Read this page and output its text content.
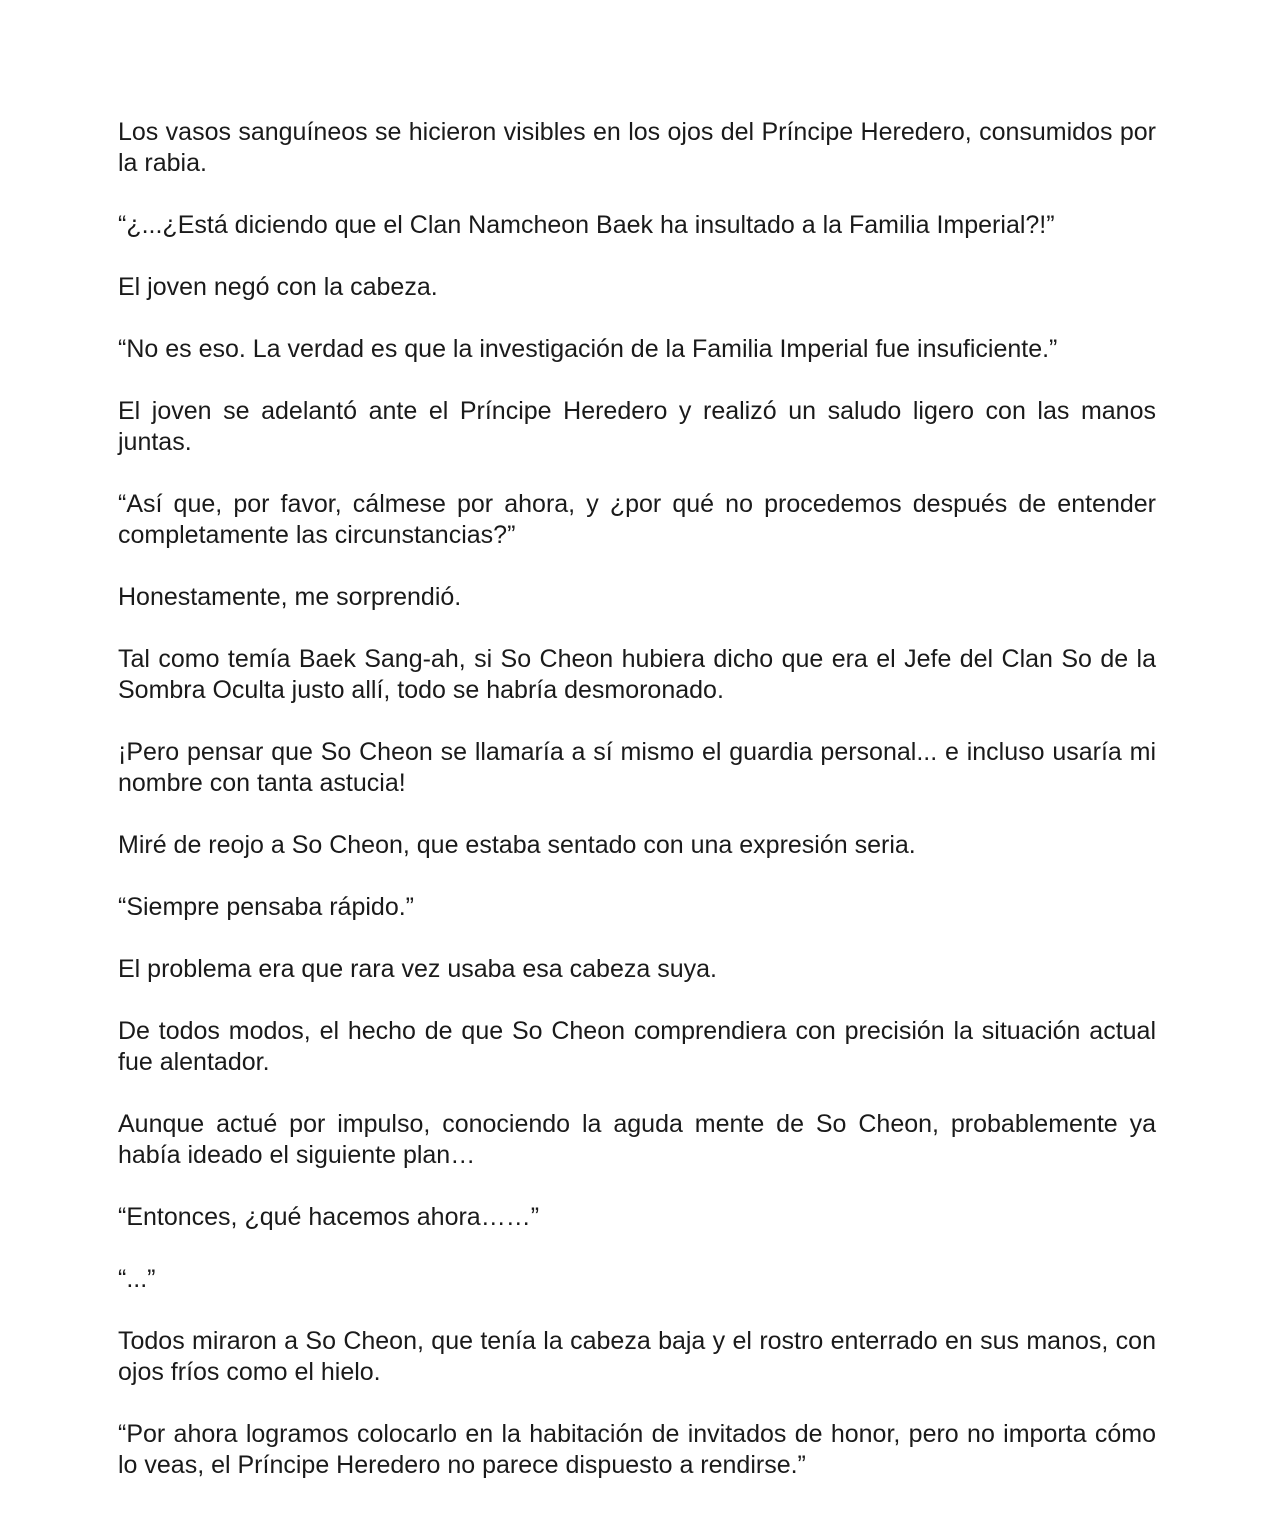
Los vasos sanguíneos se hicieron visibles en los ojos del Príncipe Heredero, consumidos por la rabia.

“¿...¿Está diciendo que el Clan Namcheon Baek ha insultado a la Familia Imperial?!”

El joven negó con la cabeza.

“No es eso. La verdad es que la investigación de la Familia Imperial fue insuficiente.”

El joven se adelantó ante el Príncipe Heredero y realizó un saludo ligero con las manos juntas.

“Así que, por favor, cálmese por ahora, y ¿por qué no procedemos después de entender completamente las circunstancias?”

Honestamente, me sorprendió.

Tal como temía Baek Sang-ah, si So Cheon hubiera dicho que era el Jefe del Clan So de la Sombra Oculta justo allí, todo se habría desmoronado.

¡Pero pensar que So Cheon se llamaría a sí mismo el guardia personal... e incluso usaría mi nombre con tanta astucia!

Miré de reojo a So Cheon, que estaba sentado con una expresión seria.

“Siempre pensaba rápido.”

El problema era que rara vez usaba esa cabeza suya.

De todos modos, el hecho de que So Cheon comprendiera con precisión la situación actual fue alentador.

Aunque actué por impulso, conociendo la aguda mente de So Cheon, probablemente ya había ideado el siguiente plan…

“Entonces, ¿qué hacemos ahora……”

“...”

Todos miraron a So Cheon, que tenía la cabeza baja y el rostro enterrado en sus manos, con ojos fríos como el hielo.

“Por ahora logramos colocarlo en la habitación de invitados de honor, pero no importa cómo lo veas, el Príncipe Heredero no parece dispuesto a rendirse.”
